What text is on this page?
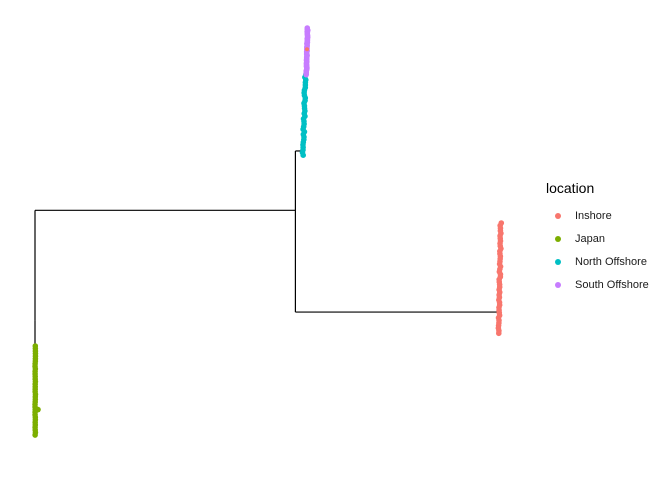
location
Inshore
Japan
North Offshore
South Offshore
